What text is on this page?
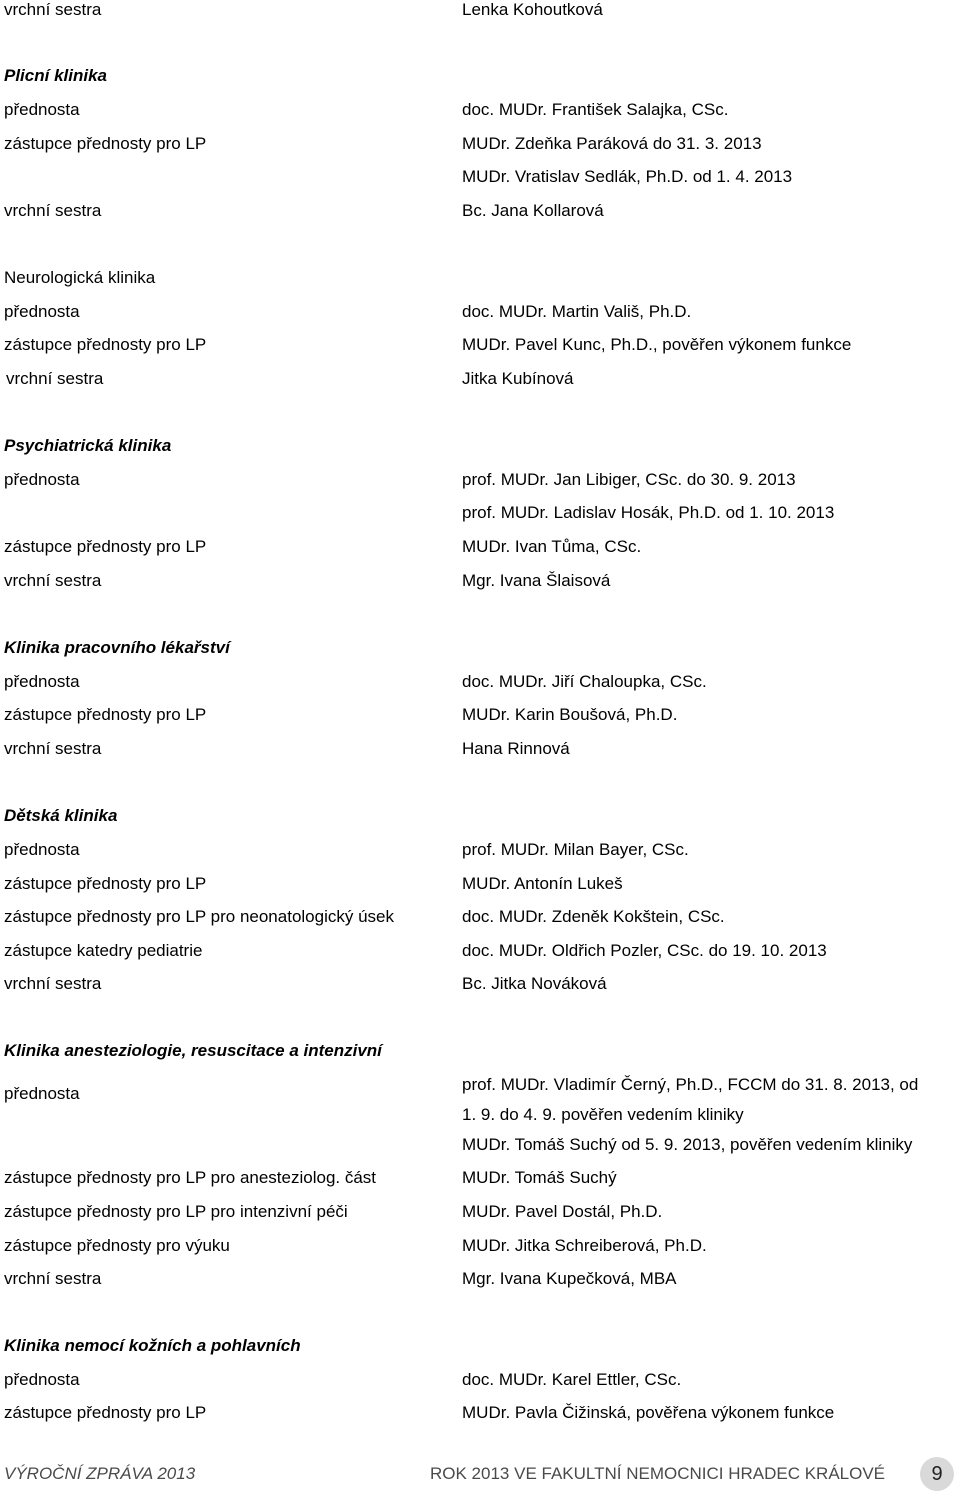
vrchní sestra	Lenka Kohoutková
Plicní klinika
přednosta	doc. MUDr. František Salajka, CSc.
zástupce přednosty pro LP	MUDr. Zdeňka Paráková do 31. 3. 2013
MUDr. Vratislav Sedlák, Ph.D. od 1. 4. 2013
vrchní sestra	Bc. Jana Kollarová
Neurologická klinika
přednosta	doc. MUDr. Martin Vališ, Ph.D.
zástupce přednosty pro LP	MUDr. Pavel Kunc, Ph.D., pověřen výkonem funkce
vrchní sestra	Jitka Kubínová
Psychiatrická klinika
přednosta	prof. MUDr. Jan Libiger, CSc. do 30. 9. 2013
prof. MUDr. Ladislav Hosák, Ph.D. od 1. 10. 2013
zástupce přednosty pro LP	MUDr. Ivan Tůma, CSc.
vrchní sestra	Mgr. Ivana Šlaisová
Klinika pracovního lékařství
přednosta	doc. MUDr. Jiří Chaloupka, CSc.
zástupce přednosty pro LP	MUDr. Karin Boušová, Ph.D.
vrchní sestra	Hana Rinnová
Dětská klinika
přednosta	prof. MUDr. Milan Bayer, CSc.
zástupce přednosty pro LP	MUDr. Antonín Lukeš
zástupce přednosty pro LP pro neonatologický úsek	doc. MUDr. Zdeněk Kokštein, CSc.
zástupce katedry pediatrie	doc. MUDr. Oldřich Pozler, CSc. do 19. 10. 2013
vrchní sestra	Bc. Jitka Nováková
Klinika anesteziologie, resuscitace a intenzivní
přednosta	prof. MUDr. Vladimír Černý, Ph.D., FCCM do 31. 8. 2013, od
1. 9. do 4. 9. pověřen vedením kliniky
MUDr. Tomáš Suchý od 5. 9. 2013, pověřen vedením kliniky
zástupce přednosty pro LP pro anesteziolog. část	MUDr. Tomáš Suchý
zástupce přednosty pro LP pro intenzivní péči	MUDr. Pavel Dostál, Ph.D.
zástupce přednosty pro výuku	MUDr. Jitka Schreiberová, Ph.D.
vrchní sestra	Mgr. Ivana Kupečková, MBA
Klinika nemocí kožních a pohlavních
přednosta	doc. MUDr. Karel Ettler, CSc.
zástupce přednosty pro LP	MUDr. Pavla Čižinská, pověřena výkonem funkce
VÝROČNÍ ZPRÁVA 2013	ROK 2013 VE FAKULTNÍ NEMOCNICI HRADEC KRÁLOVÉ	9
